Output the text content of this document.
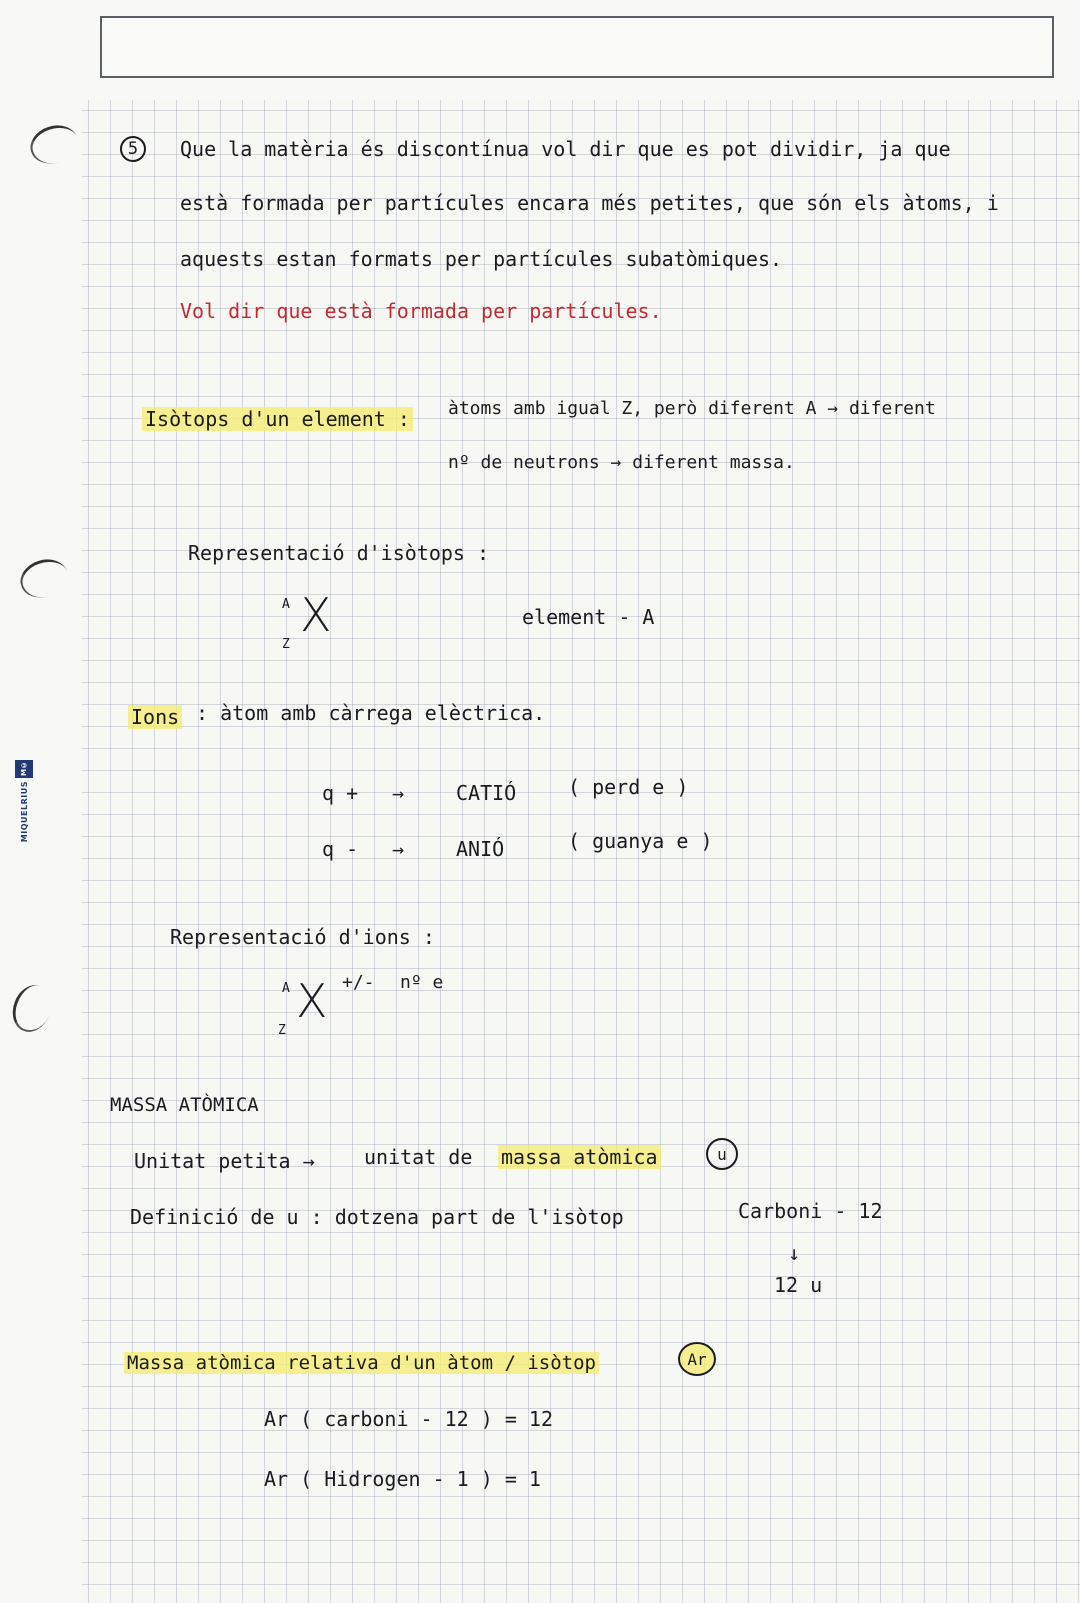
M©
MIQUELRIUS
5	Que la matèria és discontínua vol dir que es pot dividir, ja que
està formada per partícules encara més petites, que són els àtoms, i
aquests estan formats per partícules subatòmiques.
Vol dir que està formada per partícules.
Isòtops d'un element : àtoms amb igual Z, però diferent A → diferent
nº de neutrons → diferent massa.
Representació d'isòtops :
A
Z
X	element - A
Ions : àtom amb càrrega elèctrica.
q + →	CATIÓ	( perd e )
q - →	ANIÓ	( guanya e )
Representació d'ions :
A
Z
X +/- nº e
MASSA ATÒMICA
Unitat petita → unitat de massa atòmica	u
Definició de u : dotzena part de l'isòtop	Carboni - 12
↓
12 u
Massa atòmica relativa d'un àtom / isòtop	Ar
Ar ( carboni - 12 ) = 12
Ar ( Hidrogen - 1 ) = 1
